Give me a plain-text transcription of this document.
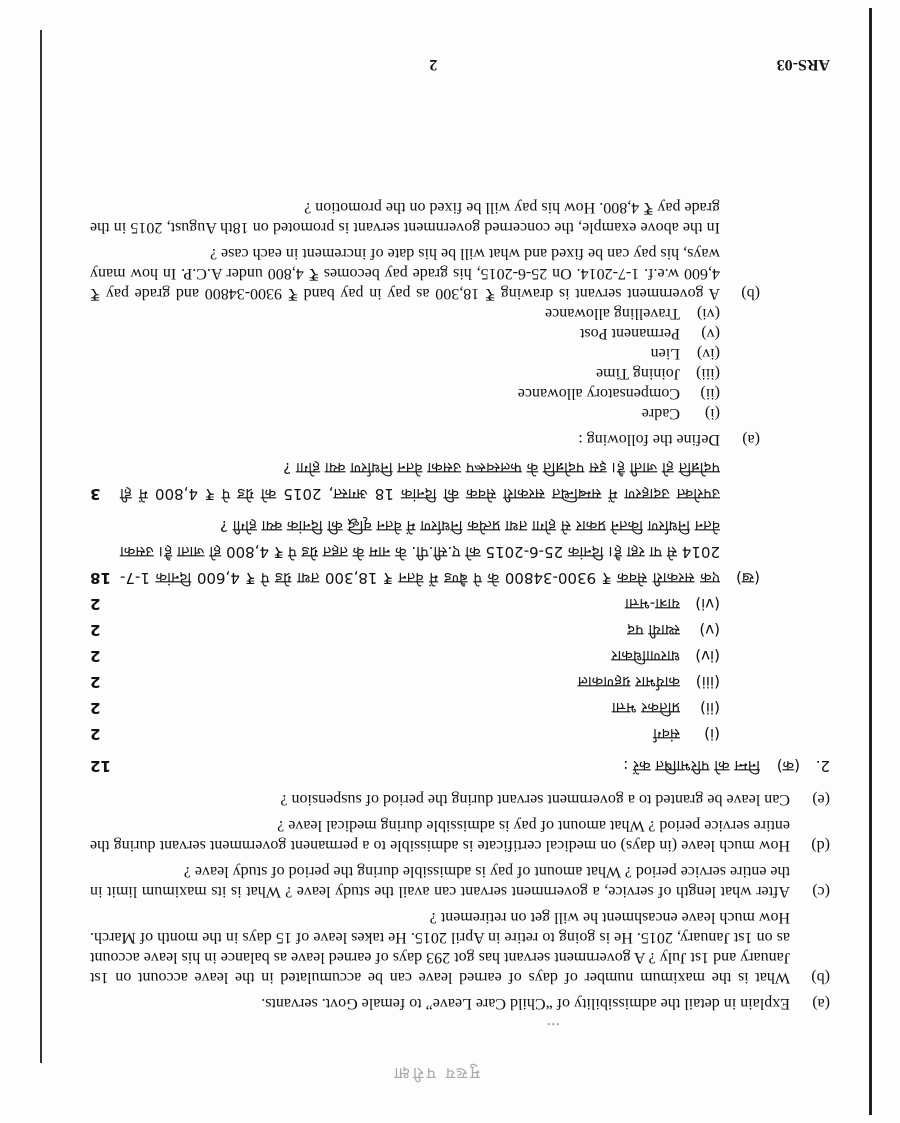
मुख्य परीक्षा
...
(a)
Explain in detail the admissibility of “Child Care Leave” to female Govt. servants.
(b)
What is the maximum number of days of earned leave can be accumulated in the leave account on 1st January and 1st July ? A government servant has got 293 days of earned leave as balance in his leave account as on 1st January, 2015. He is going to retire in April 2015. He takes leave of 15 days in the month of March. How much leave encashment he will get on retirement ?
(c)
After what length of service, a government servant can avail the study leave ? What is its maximum limit in the entire service period ? What amount of pay is admissible during the period of study leave ?
(d)
How much leave (in days) on medical certificate is admissible to a permanent government servant during the entire service period ? What amount of pay is admissible during medical leave ?
(e)
Can leave be granted to a government servant during the period of suspension ?
2.
(क)
निम्न को परिभाषित करें :
12
(i)
संवर्ग
2
(ii)
प्रतिकर भत्ता
2
(iii)
कार्यभार ग्रहणकाल
2
(iv)
धारणाधिकार
2
(v)
स्थायी पद
2
(vi)
यात्रा-भत्ता
2
(ख)
एक सरकारी सेवक ₹ 9300-34800 के पे बैण्ड में वेतन ₹ 18,300 तथा ग्रेड पे ₹ 4,600 दिनांक 1-7-2014 से पा रहा है। दिनांक 25-6-2015 को ए.सी.पी. के नाम के तहत ग्रेड पे ₹ 4,800 हो जाता है। उसका वेतन निर्धारण कितने प्रकार से होगा तथा प्रत्येक निर्धारण में वेतन वृद्धि की दिनांक क्या होगी ?
18
उपरोक्त उदाहरण में सम्बन्धित सरकारी सेवक की दिनांक 18 अगस्त, 2015 को ग्रेड पे ₹ 4,800 में ही पदोन्नति हो जाती है। इस पदोन्नति के फलस्वरूप उसका वेतन निर्धारण क्या होगा ?
3
(a)
Define the following :
(i)
Cadre
(ii)
Compensatory allowance
(iii)
Joining Time
(iv)
Lien
(v)
Permanent Post
(vi)
Travelling allowance
(b)
A government servant is drawing ₹ 18,300 as pay in pay band ₹ 9300-34800 and grade pay ₹ 4,600 w.e.f. 1-7-2014. On 25-6-2015, his grade pay becomes ₹ 4,800 under A.C.P. In how many ways, his pay can be fixed and what will be his date of increment in each case ?
In the above example, the concerned government servant is promoted on 18th August, 2015 in the grade pay ₹ 4,800. How his pay will be fixed on the promotion ?
ARS-03
2
